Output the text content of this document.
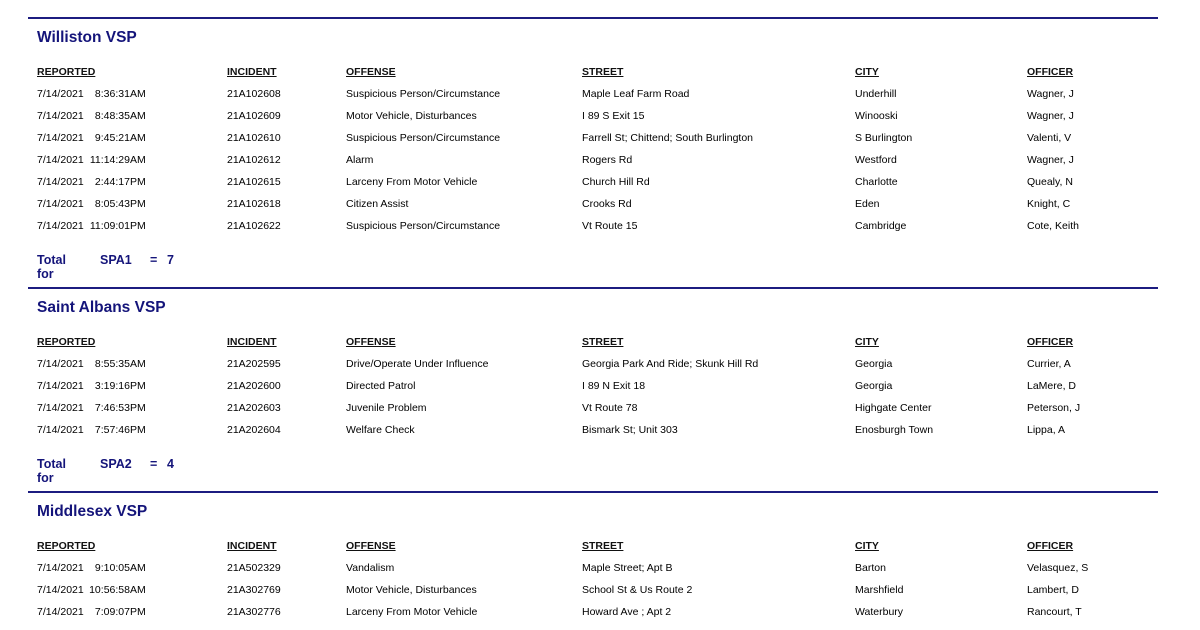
Williston VSP
REPORTED	INCIDENT	OFFENSE	STREET	CITY	OFFICER
7/14/2021 8:36:31AM	21A102608	Suspicious Person/Circumstance	Maple Leaf Farm Road	Underhill	Wagner, J
7/14/2021 8:48:35AM	21A102609	Motor Vehicle, Disturbances	I 89 S Exit 15	Winooski	Wagner, J
7/14/2021 9:45:21AM	21A102610	Suspicious Person/Circumstance	Farrell St; Chittend; South Burlington	S Burlington	Valenti, V
7/14/2021 11:14:29AM	21A102612	Alarm	Rogers Rd	Westford	Wagner, J
7/14/2021 2:44:17PM	21A102615	Larceny From Motor Vehicle	Church Hill Rd	Charlotte	Quealy, N
7/14/2021 8:05:43PM	21A102618	Citizen Assist	Crooks Rd	Eden	Knight, C
7/14/2021 11:09:01PM	21A102622	Suspicious Person/Circumstance	Vt Route 15	Cambridge	Cote, Keith
Total for
SPA1 = 7
Saint Albans VSP
REPORTED	INCIDENT	OFFENSE	STREET	CITY	OFFICER
7/14/2021 8:55:35AM	21A202595	Drive/Operate Under Influence	Georgia Park And Ride; Skunk Hill Rd	Georgia	Currier, A
7/14/2021 3:19:16PM	21A202600	Directed Patrol	I 89 N Exit 18	Georgia	LaMere, D
7/14/2021 7:46:53PM	21A202603	Juvenile Problem	Vt Route 78	Highgate Center	Peterson, J
7/14/2021 7:57:46PM	21A202604	Welfare Check	Bismark St; Unit 303	Enosburgh Town	Lippa, A
Total for
SPA2 = 4
Middlesex VSP
REPORTED	INCIDENT	OFFENSE	STREET	CITY	OFFICER
7/14/2021 9:10:05AM	21A502329	Vandalism	Maple Street; Apt B	Barton	Velasquez, S
7/14/2021 10:56:58AM	21A302769	Motor Vehicle, Disturbances	School St & Us Route 2	Marshfield	Lambert, D
7/14/2021 7:09:07PM	21A302776	Larceny From Motor Vehicle	Howard Ave ; Apt 2	Waterbury	Rancourt, T
